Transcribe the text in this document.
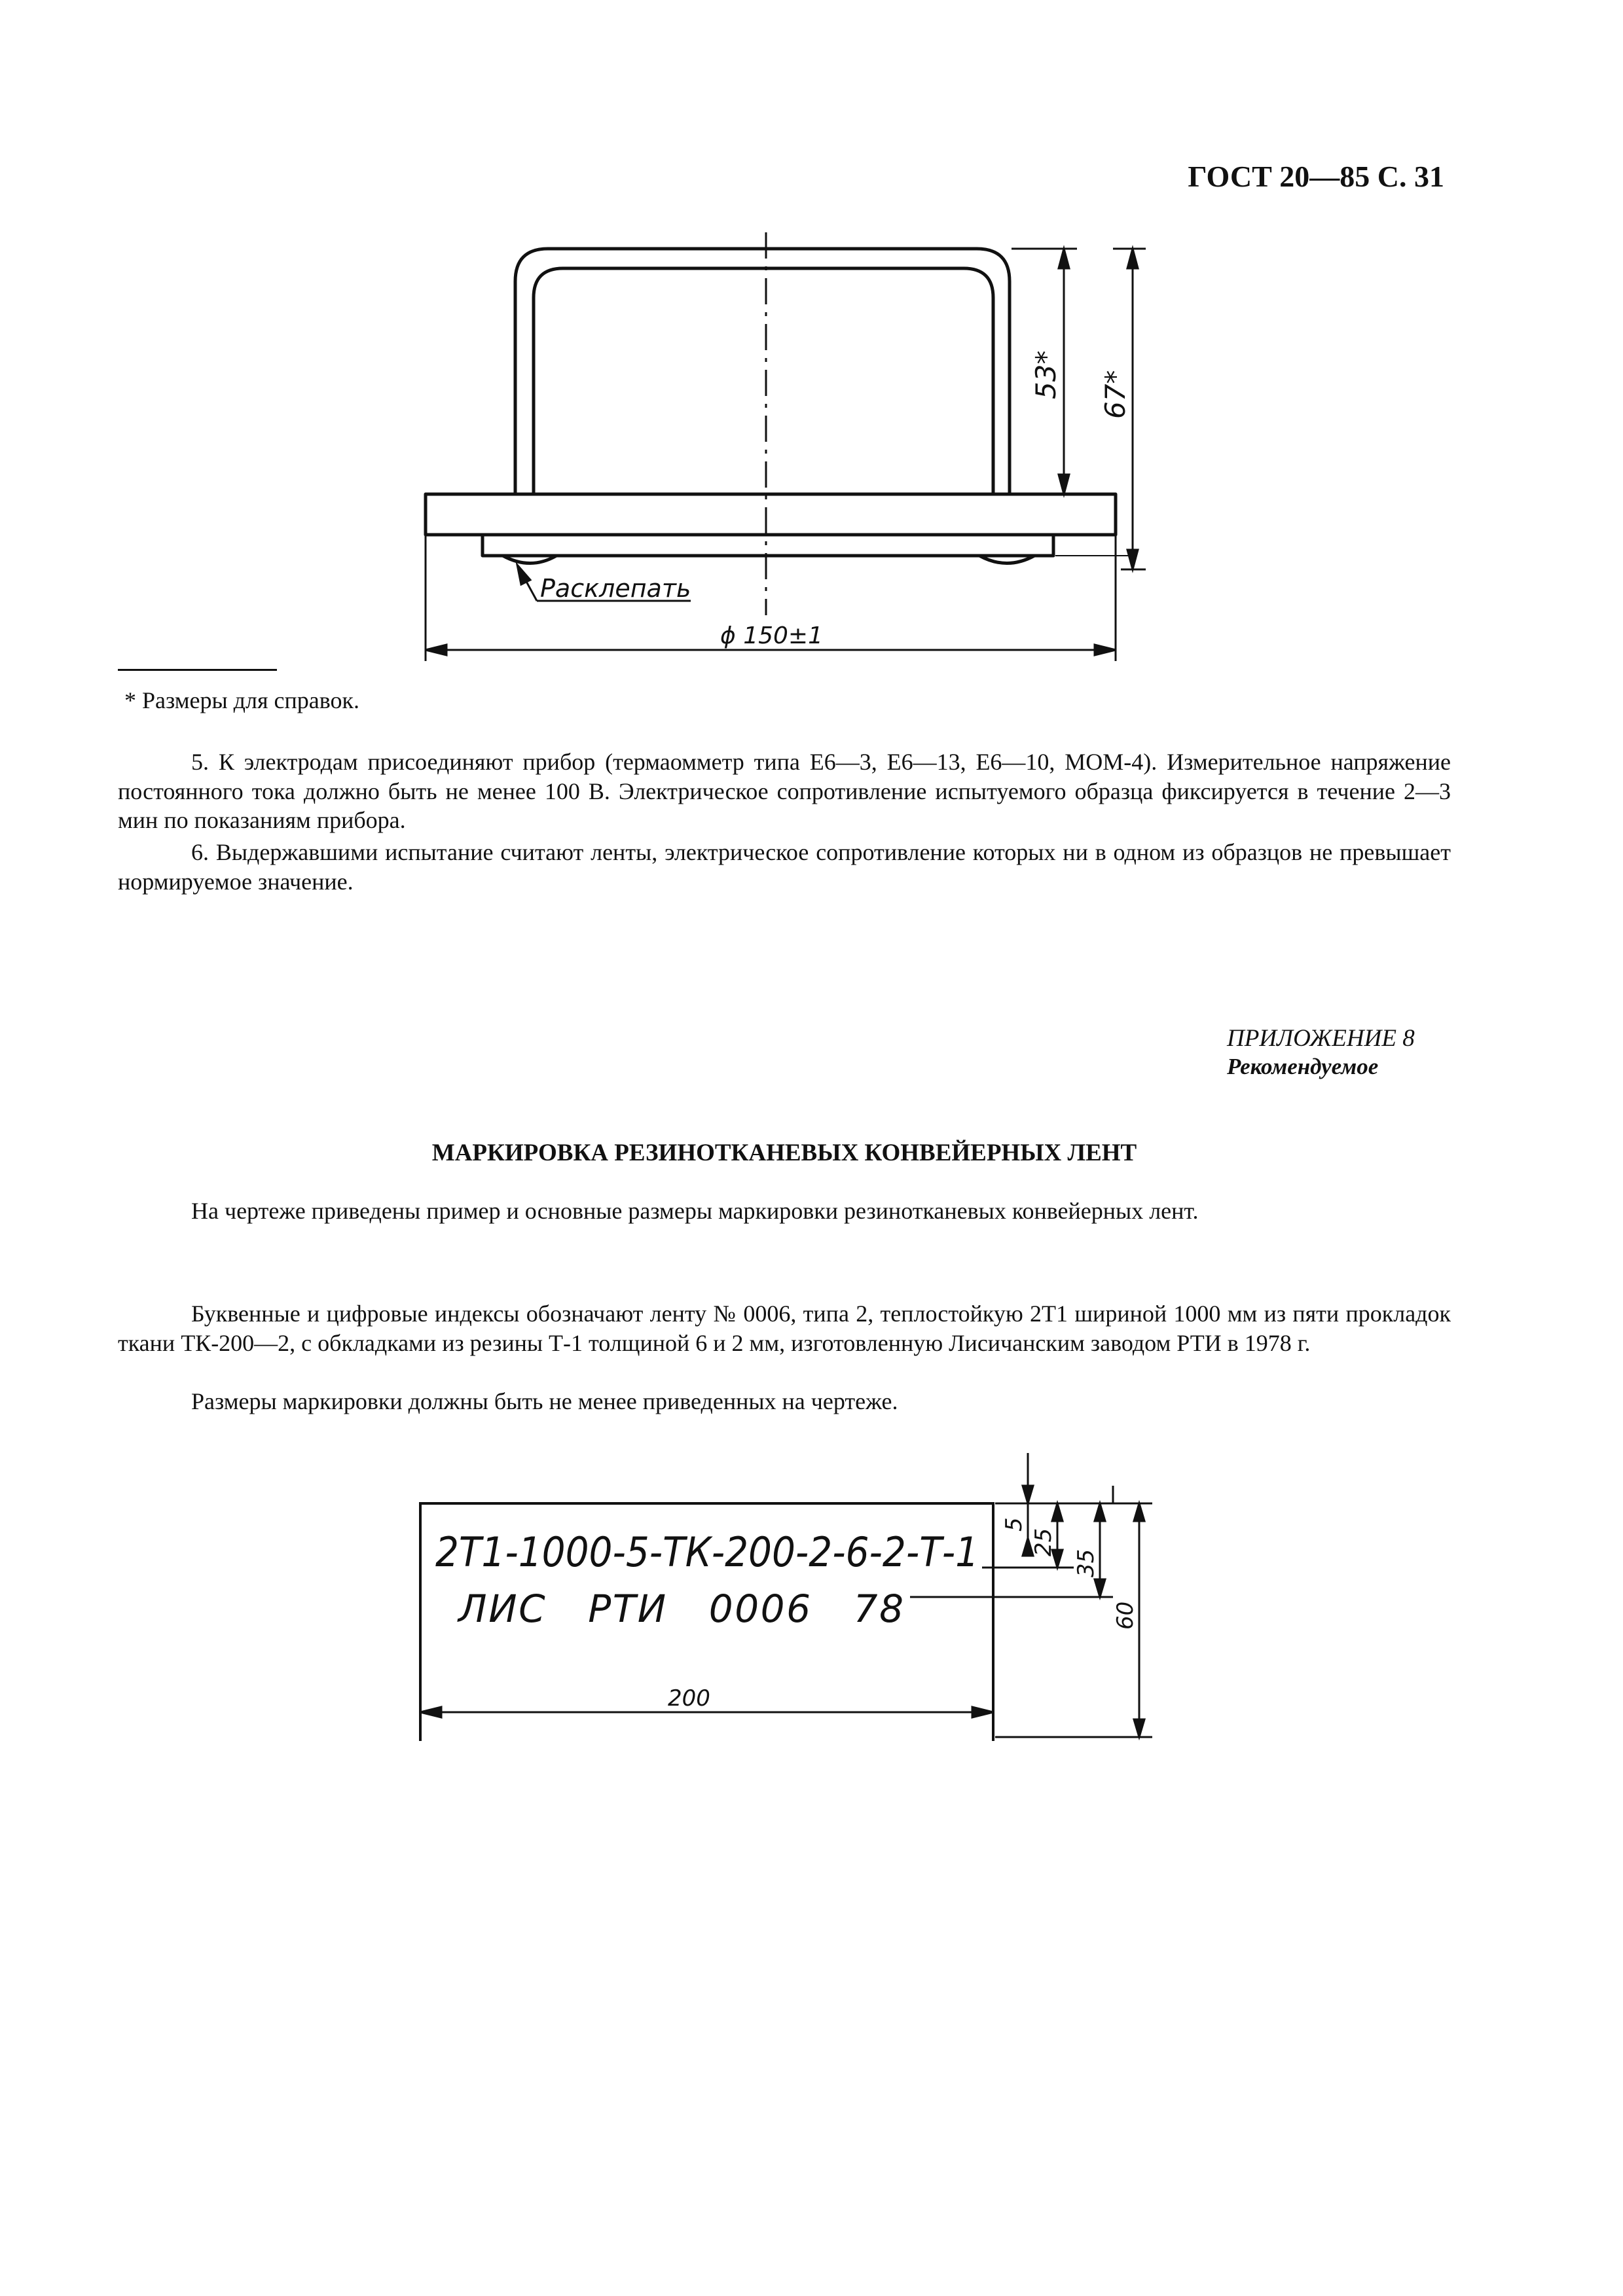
ГОСТ 20—85 С. 31
53* 67*
Расклепать
ϕ 150±1
* Размеры для справок.

5. К электродам присоединяют прибор (термаомметр типа Е6—3, Е6—13, Е6—10, МОМ-4). Измерительное напряжение постоянного тока должно быть не менее 100 В. Электрическое сопротивление испытуемого образца фиксируется в течение 2—3 мин по показаниям прибора.

6. Выдержавшими испытание считают ленты, электрическое сопротивление которых ни в одном из образцов не превышает нормируемое значение.

ПРИЛОЖЕНИЕ 8
Рекомендуемое
МАРКИРОВКА РЕЗИНОТКАНЕВЫХ КОНВЕЙЕРНЫХ ЛЕНТ

На чертеже приведены пример и основные размеры маркировки резинотканевых конвейерных лент.

Буквенные и цифровые индексы обозначают ленту № 0006, типа 2, теплостойкую 2Т1 шириной 1000 мм из пяти прокладок ткани ТК-200—2, с обкладками из резины Т-1 толщиной 6 и 2 мм, изготовленную Лисичанским заводом РТИ в 1978 г.

Размеры маркировки должны быть не менее приведенных на чертеже.

2Т1-1000-5-ТК-200-2-6-2-Т-1
ЛИС   РТИ   0006   78
5
25
35
60
200
